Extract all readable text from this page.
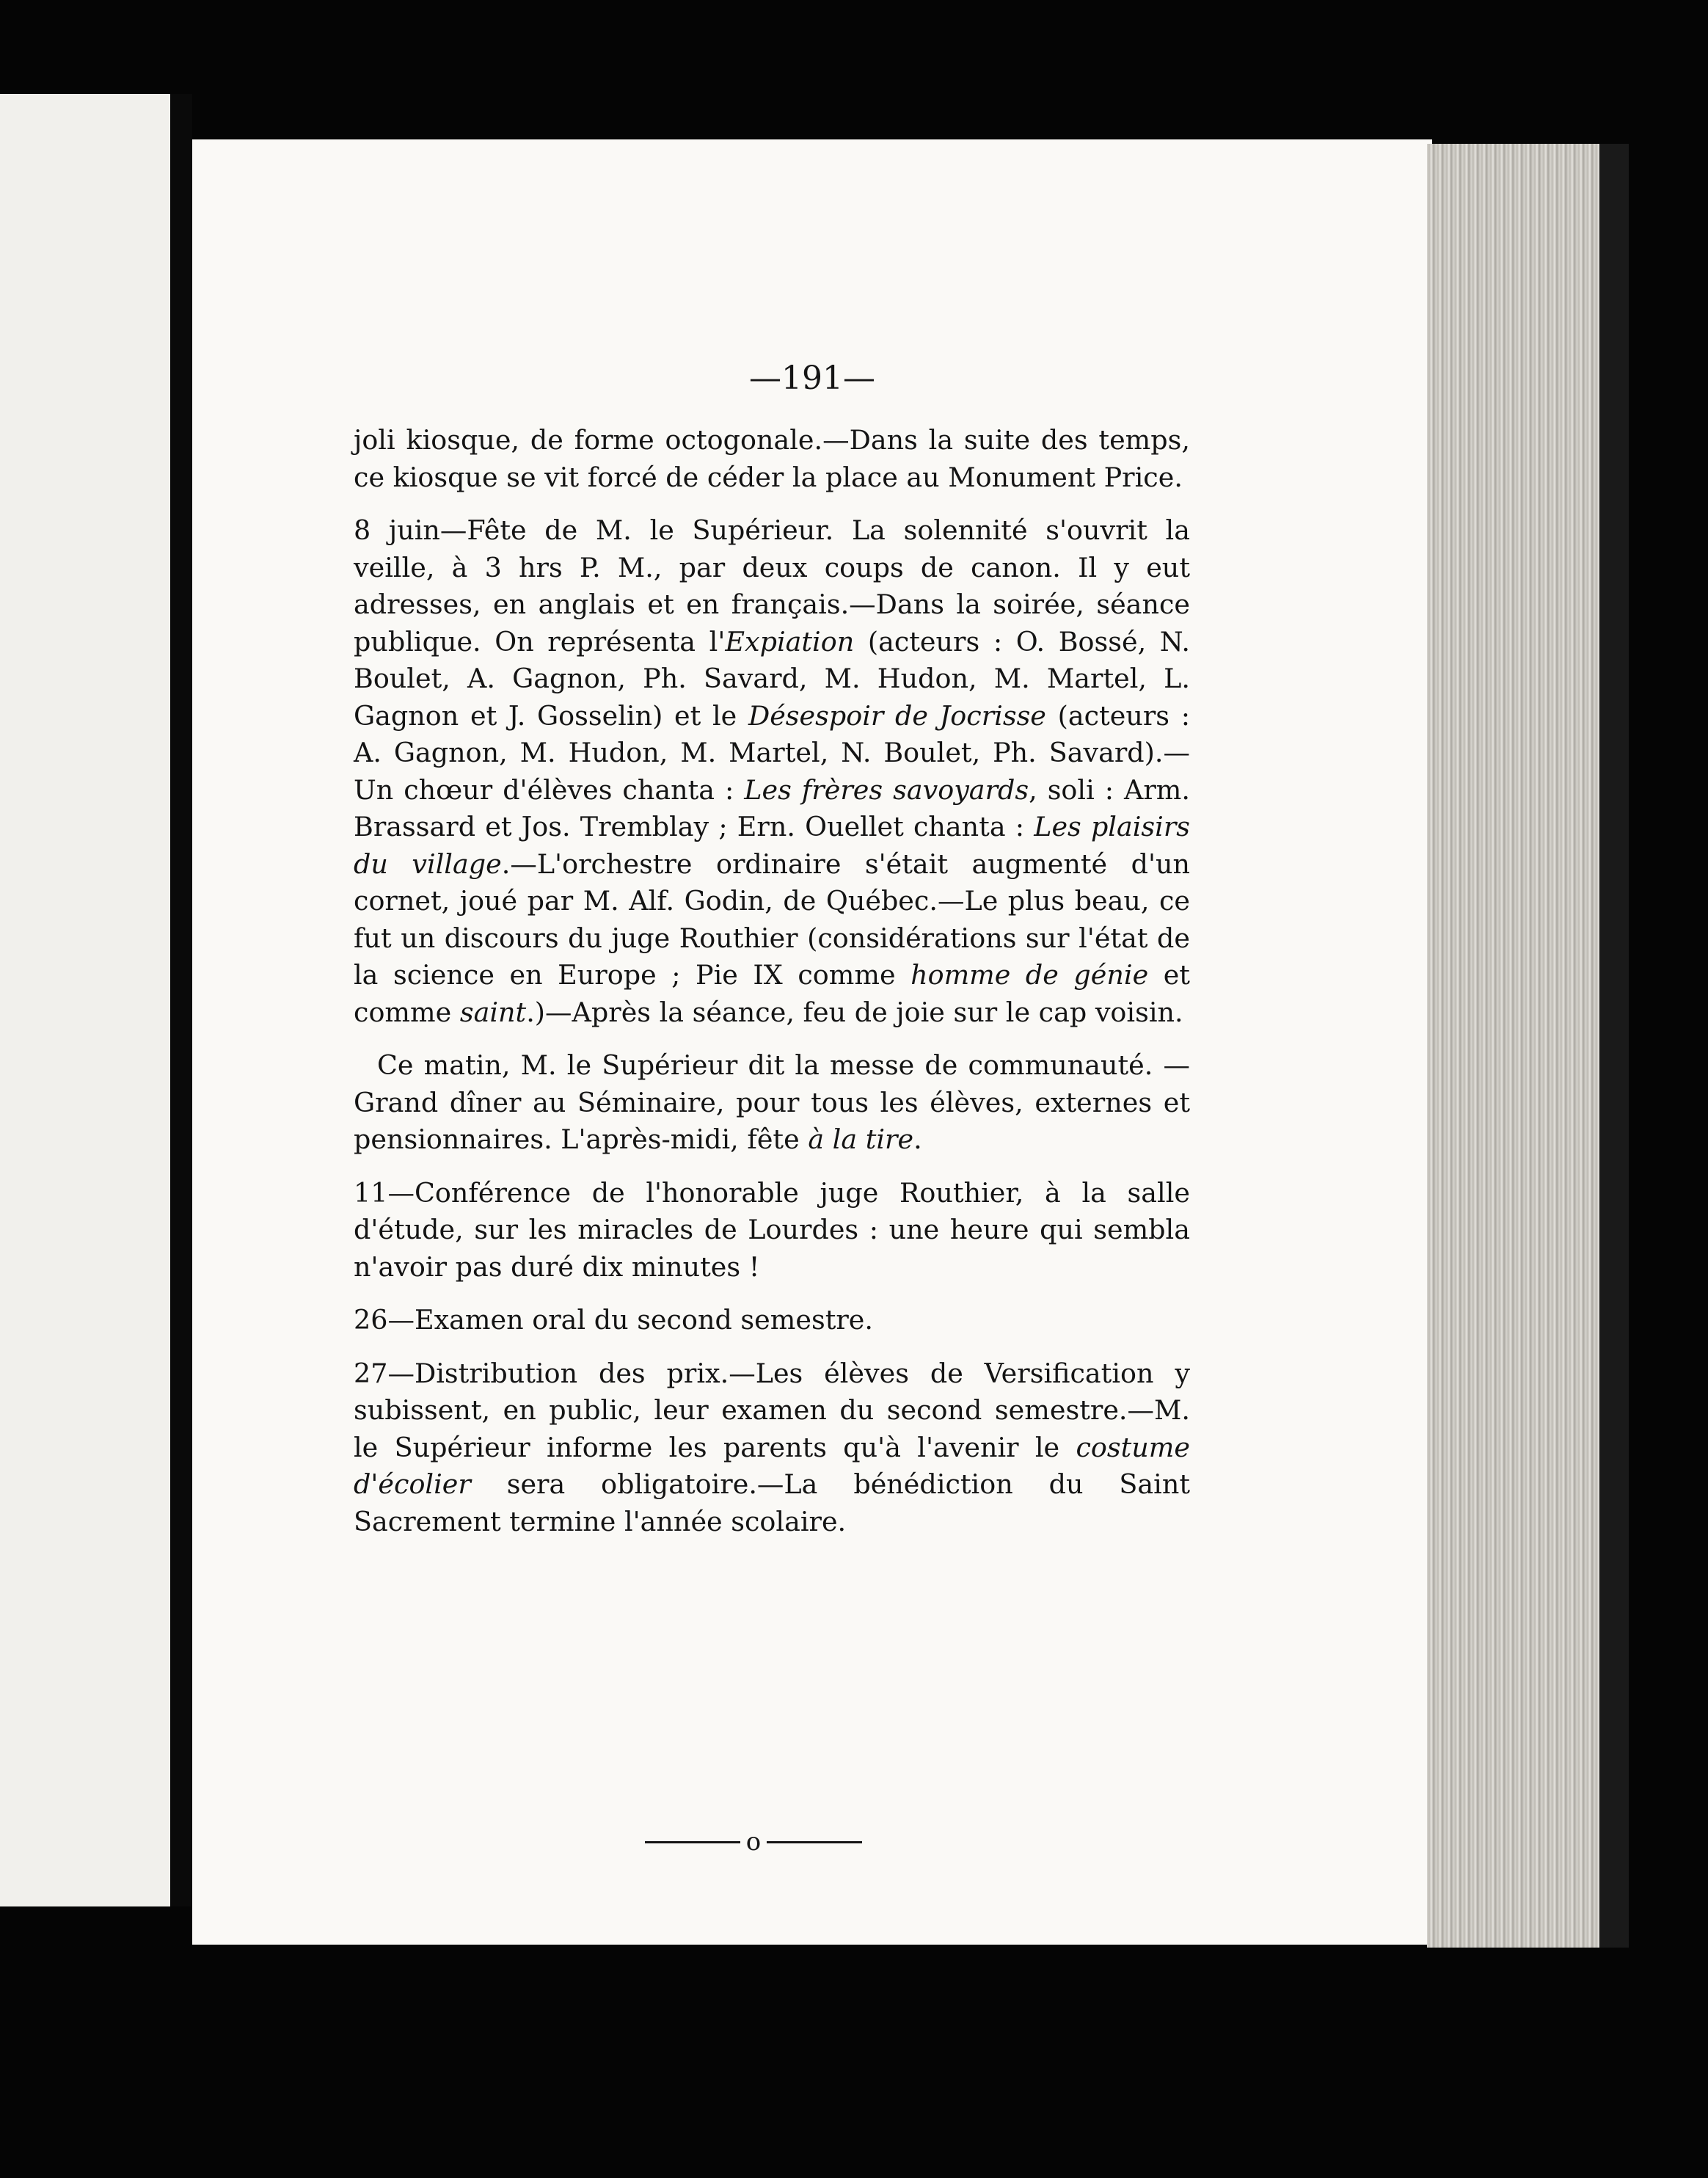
—191—

joli kiosque, de forme octogonale.—Dans la suite des temps, ce kiosque se vit forcé de céder la place au Monument Price.

8 juin—Fête de M. le Supérieur. La solennité s'ouvrit la veille, à 3 hrs P. M., par deux coups de canon. Il y eut adresses, en anglais et en français.—Dans la soirée, séance publique. On représenta l'Expiation (acteurs : O. Bossé, N. Boulet, A. Gagnon, Ph. Savard, M. Hudon, M. Martel, L. Gagnon et J. Gosselin) et le Désespoir de Jocrisse (acteurs : A. Gagnon, M. Hudon, M. Martel, N. Boulet, Ph. Savard).—Un chœur d'élèves chanta : Les frères savoyards, soli : Arm. Brassard et Jos. Tremblay ; Ern. Ouellet chanta : Les plaisirs du village.—L'orchestre ordinaire s'était augmenté d'un cornet, joué par M. Alf. Godin, de Québec.—Le plus beau, ce fut un discours du juge Routhier (considérations sur l'état de la science en Europe ; Pie IX comme homme de génie et comme saint.)—Après la séance, feu de joie sur le cap voisin.

Ce matin, M. le Supérieur dit la messe de communauté. —Grand dîner au Séminaire, pour tous les élèves, externes et pensionnaires. L'après-midi, fête à la tire.

11—Conférence de l'honorable juge Routhier, à la salle d'étude, sur les miracles de Lourdes : une heure qui sembla n'avoir pas duré dix minutes !

26—Examen oral du second semestre.

27—Distribution des prix.—Les élèves de Versification y subissent, en public, leur examen du second semestre.—M. le Supérieur informe les parents qu'à l'avenir le costume d'écolier sera obligatoire.—La bénédiction du Saint Sacrement termine l'année scolaire.

o
